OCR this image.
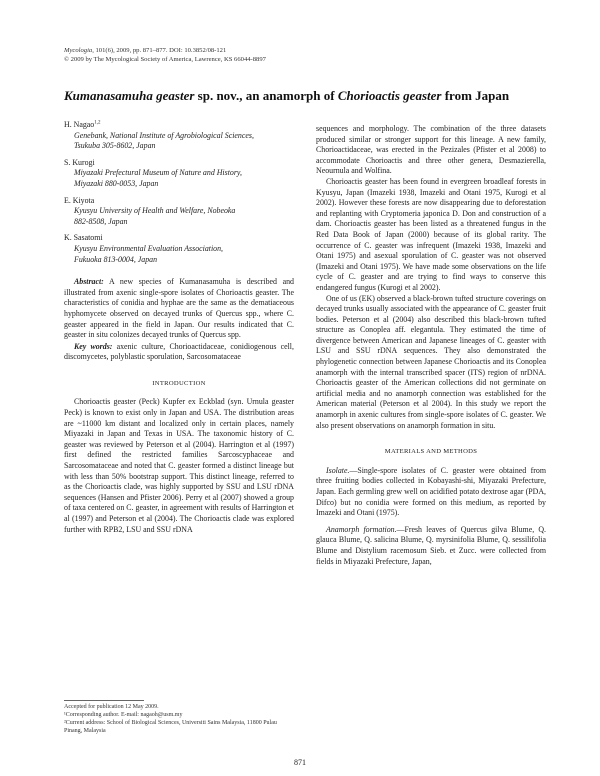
Mycologia, 101(6), 2009, pp. 871–877. DOI: 10.3852/08-121
© 2009 by The Mycological Society of America, Lawrence, KS 66044-8897
Kumanasamuha geaster sp. nov., an anamorph of Chorioactis geaster from Japan
H. Nagao$^{1,2}$
Genebank, National Institute of Agrobiological Sciences,
Tsukuba 305-8602, Japan
S. Kurogi
Miyazaki Prefectural Museum of Nature and History,
Miyazaki 880-0053, Japan
E. Kiyota
Kyusyu University of Health and Welfare, Nobeoka
882-8508, Japan
K. Sasatomi
Kyusyu Environmental Evaluation Association,
Fukuoka 813-0004, Japan
Abstract: A new species of Kumanasamuha is described and illustrated from axenic single-spore isolates of Chorioactis geaster. The characteristics of conidia and hyphae are the same as the dematiaceous hyphomycete observed on decayed trunks of Quercus spp., where C. geaster appeared in the field in Japan. Our results indicated that C. geaster in situ colonizes decayed trunks of Quercus spp.
Key words: axenic culture, Chorioactidaceae, conidiogenous cell, discomycetes, polyblastic sporulation, Sarcosomataceae
INTRODUCTION
Chorioactis geaster (Peck) Kupfer ex Eckblad (syn. Urnula geaster Peck) is known to exist only in Japan and USA. The distribution areas are ~11000 km distant and localized only in certain places, namely Miyazaki in Japan and Texas in USA. The taxonomic history of C. geaster was reviewed by Peterson et al (2004). Harrington et al (1997) first defined the restricted families Sarcoscyphaceae and Sarcosomataceae and noted that C. geaster formed a distinct lineage but with less than 50% bootstrap support. This distinct lineage, referred to as the Chorioactis clade, was highly supported by SSU and LSU rDNA sequences (Hansen and Pfister 2006). Perry et al (2007) showed a group of taxa centered on C. geaster, in agreement with results of Harrington et al (1997) and Peterson et al (2004). The Chorioactis clade was explored further with RPB2, LSU and SSU rDNA
sequences and morphology. The combination of the three datasets produced similar or stronger support for this lineage. A new family, Chorioactidaceae, was erected in the Pezizales (Pfister et al 2008) to accommodate Chorioactis and three other genera, Desmazierella, Neournula and Wolfina.
Chorioactis geaster has been found in evergreen broadleaf forests in Kyusyu, Japan (Imazeki 1938, Imazeki and Otani 1975, Kurogi et al 2002). However these forests are now disappearing due to deforestation and replanting with Cryptomeria japonica D. Don and construction of a dam. Chorioactis geaster has been listed as a threatened fungus in the Red Data Book of Japan (2000) because of its global rarity. The occurrence of C. geaster was infrequent (Imazeki 1938, Imazeki and Otani 1975) and asexual sporulation of C. geaster was not observed (Imazeki and Otani 1975). We have made some observations on the life cycle of C. geaster and are trying to find ways to conserve this endangered fungus (Kurogi et al 2002).
One of us (EK) observed a black-brown tufted structure coverings on decayed trunks usually associated with the appearance of C. geaster fruit bodies. Peterson et al (2004) also described this black-brown tufted structure as Conoplea aff. elegantula. They estimated the time of divergence between American and Japanese lineages of C. geaster with LSU and SSU rDNA sequences. They also demonstrated the phylogenetic connection between Japanese Chorioactis and its Conoplea anamorph with the internal transcribed spacer (ITS) region of nrDNA. Chorioactis geaster of the American collections did not germinate on artificial media and no anamorph connection was established for the American material (Peterson et al 2004). In this study we report the anamorph in axenic cultures from single-spore isolates of C. geaster. We also present observations on anamorph formation in situ.
MATERIALS AND METHODS
Isolate.—Single-spore isolates of C. geaster were obtained from three fruiting bodies collected in Kobayashi-shi, Miyazaki Prefecture, Japan. Each germling grew well on acidified potato dextrose agar (PDA, Difco) but no conidia were formed on this medium, as reported by Imazeki and Otani (1975).
Anamorph formation.—Fresh leaves of Quercus gilva Blume, Q. glauca Blume, Q. salicina Blume, Q. myrsinifolia Blume, Q. sessilifolia Blume and Distylium racemosum Sieb. et Zucc. were collected from fields in Miyazaki Prefecture, Japan,
Accepted for publication 12 May 2009.
¹Corresponding author. E-mail: nagaoh@usm.my
²Current address: School of Biological Sciences, Universiti Sains Malaysia, 11800 Pulau Pinang, Malaysia
871
